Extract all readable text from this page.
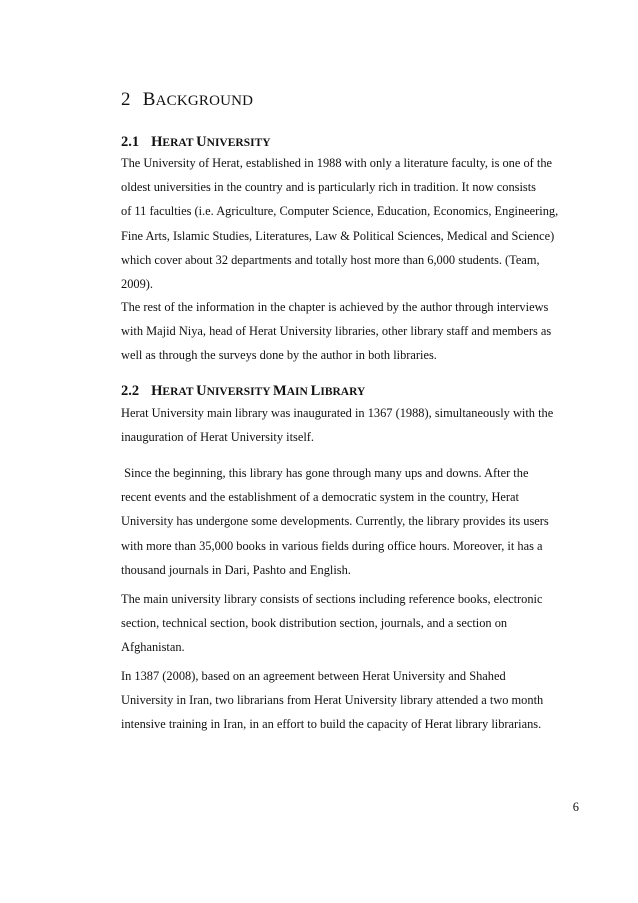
2 BACKGROUND
2.1 HERAT UNIVERSITY

The University of Herat, established in 1988 with only a literature faculty, is one of the
oldest universities in the country and is particularly rich in tradition. It now consists
of 11 faculties (i.e. Agriculture, Computer Science, Education, Economics, Engineering,
Fine Arts, Islamic Studies, Literatures, Law & Political Sciences, Medical and Science)
which cover about 32 departments and totally host more than 6,000 students. (Team,
2009).

The rest of the information in the chapter is achieved by the author through interviews
with Majid Niya, head of Herat University libraries, other library staff and members as
well as through the surveys done by the author in both libraries.

2.2 HERAT UNIVERSITY MAIN LIBRARY

Herat University main library was inaugurated in 1367 (1988), simultaneously with the
inauguration of Herat University itself.

Since the beginning, this library has gone through many ups and downs. After the
recent events and the establishment of a democratic system in the country, Herat
University has undergone some developments. Currently, the library provides its users
with more than 35,000 books in various fields during office hours. Moreover, it has a
thousand journals in Dari, Pashto and English.

The main university library consists of sections including reference books, electronic
section, technical section, book distribution section, journals, and a section on
Afghanistan.

In 1387 (2008), based on an agreement between Herat University and Shahed
University in Iran, two librarians from Herat University library attended a two month
intensive training in Iran, in an effort to build the capacity of Herat library librarians.

6
